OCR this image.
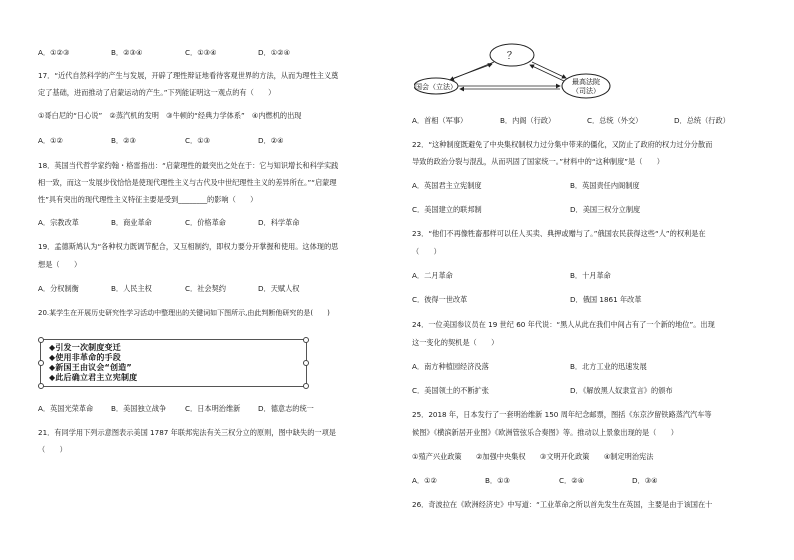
A．①②③	B．②③④	C．①③④	D．①②④
17．“近代自然科学的产生与发展，开辟了理性辩证地看待客观世界的方法，从而为理性主义奠
定了基础，进而推动了启蒙运动的产生。”下列能证明这一观点的有（　　）
①哥白尼的“日心说”　②蒸汽机的发明　③牛顿的“经典力学体系”　④内燃机的出现
A．①②	B．②③	C．①③	D．②④
18．英国当代哲学家约翰・格雷指出：“启蒙理性的最突出之处在于：它与知识增长和科学实践
相一致，而这一发展步伐恰恰是使现代理性主义与古代及中世纪理性主义的差异所在。”“启蒙理
性”具有突出的现代理性主义特征主要是受到________的影响（　　）
A．宗教改革	B．商业革命	C．价格革命	D．科学革命
19．孟德斯鸠认为“各种权力既调节配合，又互相制约，即权力要分开掌握和使用。这体现的思
想是（　　）
A．分权制衡	B．人民主权	C．社会契约	D．天赋人权
20.某学生在开展历史研究性学习活动中整理出的关键词如下图所示,由此判断他研究的是(　　)
◆引发一次制度变迁
◆使用非革命的手段
◆新国王由议会“创造”
◆此后确立君主立宪制度
A．英国光荣革命 B．美国独立战争	C．日本明治维新 D．德意志的统一
21．有同学用下列示意图表示美国 1787 年联邦宪法有关三权分立的原则，图中缺失的一项是
（　　）
？
国会（立法）
最高法院
（司法）
A．首相（军事）	B．内阁（行政）	C．总统（外交）	D．总统（行政）
22．“这种制度既避免了中央集权制权力过分集中带来的僵化，又防止了政府的权力过分分散而
导致的政治分裂与混乱，从而巩固了国家统一。”材料中的“这种制度”是（　　）
A．英国君主立宪制度	B．英国责任内阁制度
C．美国建立的联邦制	D．美国三权分立制度
23．“他们不再像牲畜那样可以任人买卖、典押或赠与了。”俄国农民获得这些“人”的权利是在
（　　）
A．二月革命	B．十月革命
C．彼得一世改革	D．俄国 1861 年改革
24．一位美国参议员在 19 世纪 60 年代说：“黑人从此在我们中间占有了一个新的地位”。出现
这一变化的契机是（　　）
A．南方种植园经济没落	B．北方工业的迅速发展
C．美国领土的不断扩张	D．《解放黑人奴隶宣言》的颁布
25．2018 年，日本发行了一套明治维新 150 周年纪念邮票，图括《东京汐留铁路蒸汽汽车等
候图》《横滨新居开业图》《欧洲管弦乐合奏图》等。推动以上景象出现的是（　　）
①殖产兴业政策　　②加强中央集权　　③文明开化政策　　④制定明治宪法
A．①②	B．①③	C．②④	D．③④
26．奇波拉在《欧洲经济史》中写道：“工业革命之所以首先发生在英国，主要是由于该国在十
